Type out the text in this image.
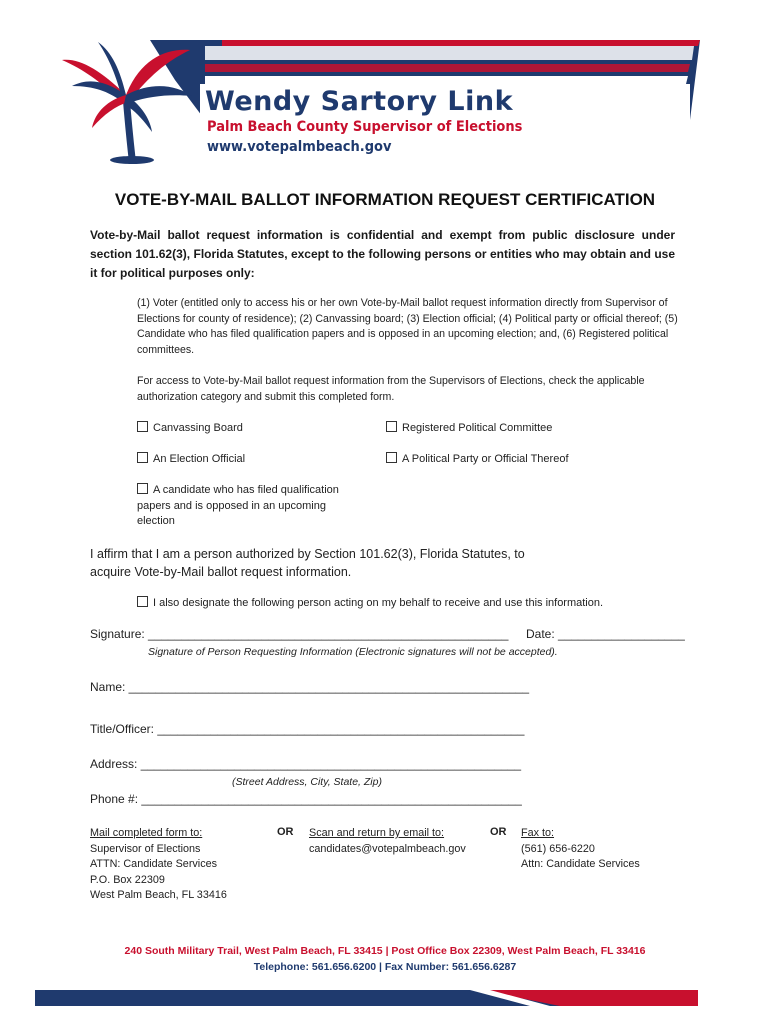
Wendy Sartory Link
Palm Beach County Supervisor of Elections
www.votepalmbeach.gov
VOTE-BY-MAIL BALLOT INFORMATION REQUEST CERTIFICATION
Vote-by-Mail ballot request information is confidential and exempt from public disclosure under section 101.62(3), Florida Statutes, except to the following persons or entities who may obtain and use it for political purposes only:
(1) Voter (entitled only to access his or her own Vote-by-Mail ballot request information directly from Supervisor of Elections for county of residence); (2) Canvassing board; (3) Election official; (4) Political party or official thereof; (5) Candidate who has filed qualification papers and is opposed in an upcoming election; and, (6) Registered political committees.
For access to Vote-by-Mail ballot request information from the Supervisors of Elections, check the applicable authorization category and submit this completed form.
Canvassing Board	Registered Political Committee
An Election Official	A Political Party or Official Thereof
A candidate who has filed qualification papers and is opposed in an upcoming election
I affirm that I am a person authorized by Section 101.62(3), Florida Statutes, to acquire Vote-by-Mail ballot request information.
I also designate the following person acting on my behalf to receive and use this information.
Signature: ______________________________________________________ Date: ___________________
Signature of Person Requesting Information (Electronic signatures will not be accepted).
Name: ____________________________________________________________
Title/Officer: _______________________________________________________
Address: _________________________________________________________
(Street Address, City, State, Zip)
Phone #: _________________________________________________________
Mail completed form to:
Supervisor of Elections
ATTN: Candidate Services
P.O. Box 22309
West Palm Beach, FL 33416
OR Scan and return by email to:
candidates@votepalmbeach.gov
OR Fax to:
(561) 656-6220
Attn: Candidate Services
240 South Military Trail, West Palm Beach, FL 33415 | Post Office Box 22309, West Palm Beach, FL 33416
Telephone: 561.656.6200 | Fax Number: 561.656.6287
